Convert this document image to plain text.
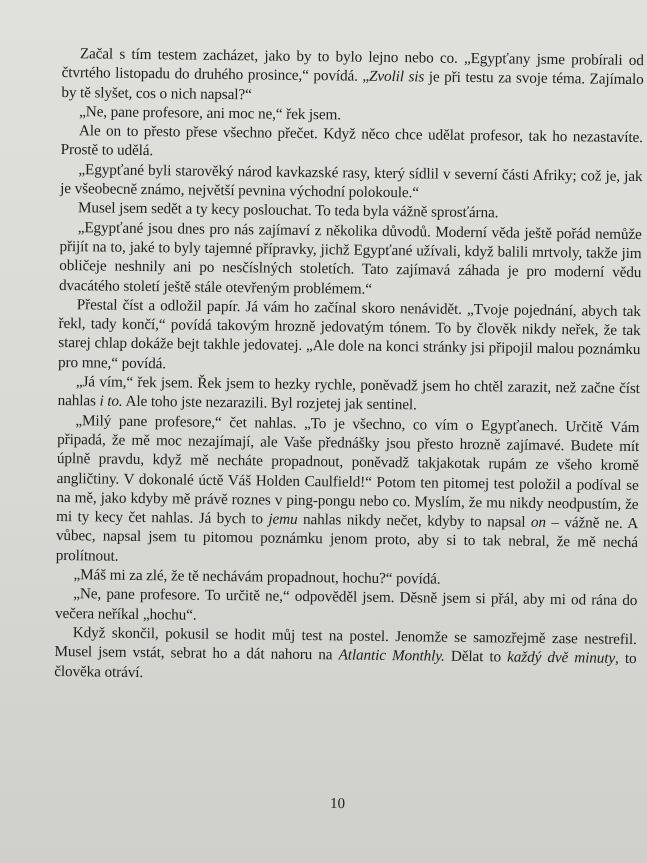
Začal s tím testem zacházet, jako by to bylo lejno nebo co. „Egypťany jsme probírali od čtvrtého listopadu do druhého prosince,“ povídá. „Zvolil sis je při testu za svoje téma. Zajímalo by tě slyšet, cos o nich napsal?“

„Ne, pane profesore, ani moc ne,“ řek jsem.

Ale on to přesto přese všechno přečet. Když něco chce udělat profesor, tak ho nezastavíte. Prostě to udělá.

„Egypťané byli starověký národ kavkazské rasy, který sídlil v severní části Afriky; což je, jak je všeobecně známo, největší pevnina východní polokoule.“

Musel jsem sedět a ty kecy poslouchat. To teda byla vážně sprosťárna.

„Egypťané jsou dnes pro nás zajímaví z několika důvodů. Moderní věda ještě pořád nemůže přijít na to, jaké to byly tajemné přípravky, jichž Egypťané užívali, když balili mrtvoly, takže jim obličeje neshnily ani po nesčíslných stoletích. Tato zajímavá záhada je pro moderní vědu dvacátého století ještě stále otevřeným problémem.“

Přestal číst a odložil papír. Já vám ho začínal skoro nenávidět. „Tvoje pojednání, abych tak řekl, tady končí,“ povídá takovým hrozně jedovatým tónem. To by člověk nikdy neřek, že tak starej chlap dokáže bejt takhle jedovatej. „Ale dole na konci stránky jsi připojil malou poznámku pro mne,“ povídá.

„Já vím,“ řek jsem. Řek jsem to hezky rychle, poněvadž jsem ho chtěl zarazit, než začne číst nahlas i to. Ale toho jste nezarazili. Byl rozjetej jak sentinel.

„Milý pane profesore,“ čet nahlas. „To je všechno, co vím o Egypťanech. Určitě Vám připadá, že mě moc nezajímají, ale Vaše přednášky jsou přesto hrozně zajímavé. Budete mít úplně pravdu, když mě necháte propadnout, poněvadž takjakotak rupám ze všeho kromě angličtiny. V dokonalé úctě Váš Holden Caulfield!“ Potom ten pitomej test položil a podíval se na mě, jako kdyby mě právě roznes v ping-pongu nebo co. Myslím, že mu nikdy neodpustím, že mi ty kecy čet nahlas. Já bych to jemu nahlas nikdy nečet, kdyby to napsal on – vážně ne. A vůbec, napsal jsem tu pitomou poznámku jenom proto, aby si to tak nebral, že mě nechá prolítnout.

„Máš mi za zlé, že tě nechávám propadnout, hochu?“ povídá.

„Ne, pane profesore. To určitě ne,“ odpověděl jsem. Děsně jsem si přál, aby mi od rána do večera neříkal „hochu“.

Když skončil, pokusil se hodit můj test na postel. Jenomže se samozřejmě zase nestrefil. Musel jsem vstát, sebrat ho a dát nahoru na Atlantic Monthly. Dělat to každý dvě minuty, to člověka otráví.

10
